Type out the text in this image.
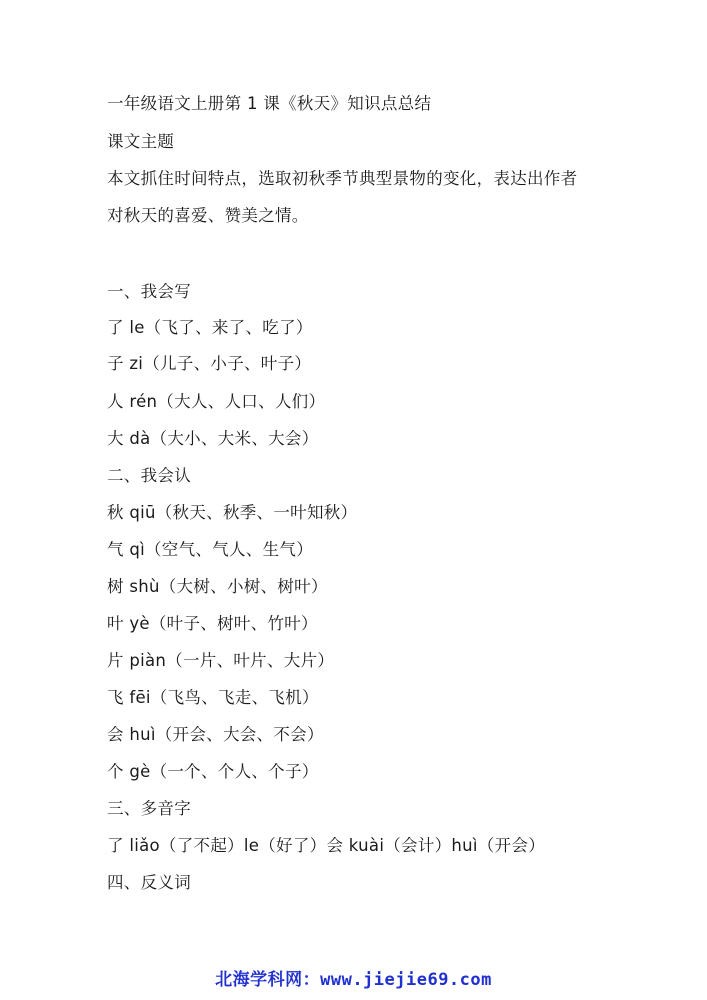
一年级语文上册第 1 课《秋天》知识点总结
课文主题
本文抓住时间特点，选取初秋季节典型景物的变化，表达出作者
对秋天的喜爱、赞美之情。
一、我会写
了 le（飞了、来了、吃了）
子 zi（儿子、小子、叶子）
人 rén（大人、人口、人们）
大 dà（大小、大米、大会）
二、我会认
秋 qiū（秋天、秋季、一叶知秋）
气 qì（空气、气人、生气）
树 shù（大树、小树、树叶）
叶 yè（叶子、树叶、竹叶）
片 piàn（一片、叶片、大片）
飞 fēi（飞鸟、飞走、飞机）
会 huì（开会、大会、不会）
个 gè（一个、个人、个子）
三、多音字
了 liǎo（了不起）le（好了）会 kuài（会计）huì（开会）
四、反义词
北海学科网：www.jiejie69.com
